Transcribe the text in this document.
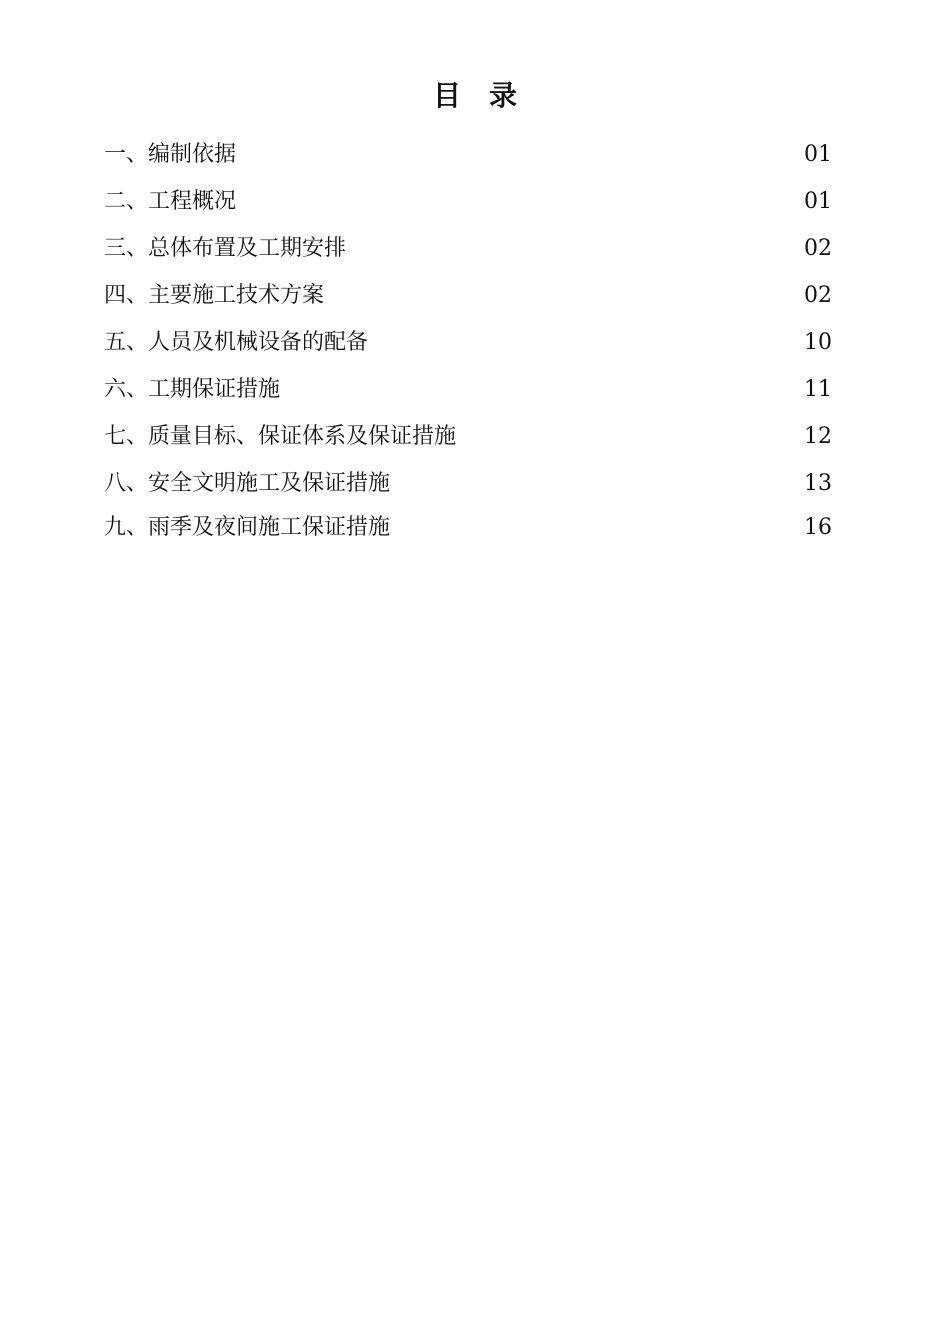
目录
一、编制依据	01
二、工程概况	01
三、总体布置及工期安排	02
四、主要施工技术方案	02
五、人员及机械设备的配备	10
六、工期保证措施	11
七、质量目标、保证体系及保证措施	12
八、安全文明施工及保证措施	13
九、雨季及夜间施工保证措施	16
